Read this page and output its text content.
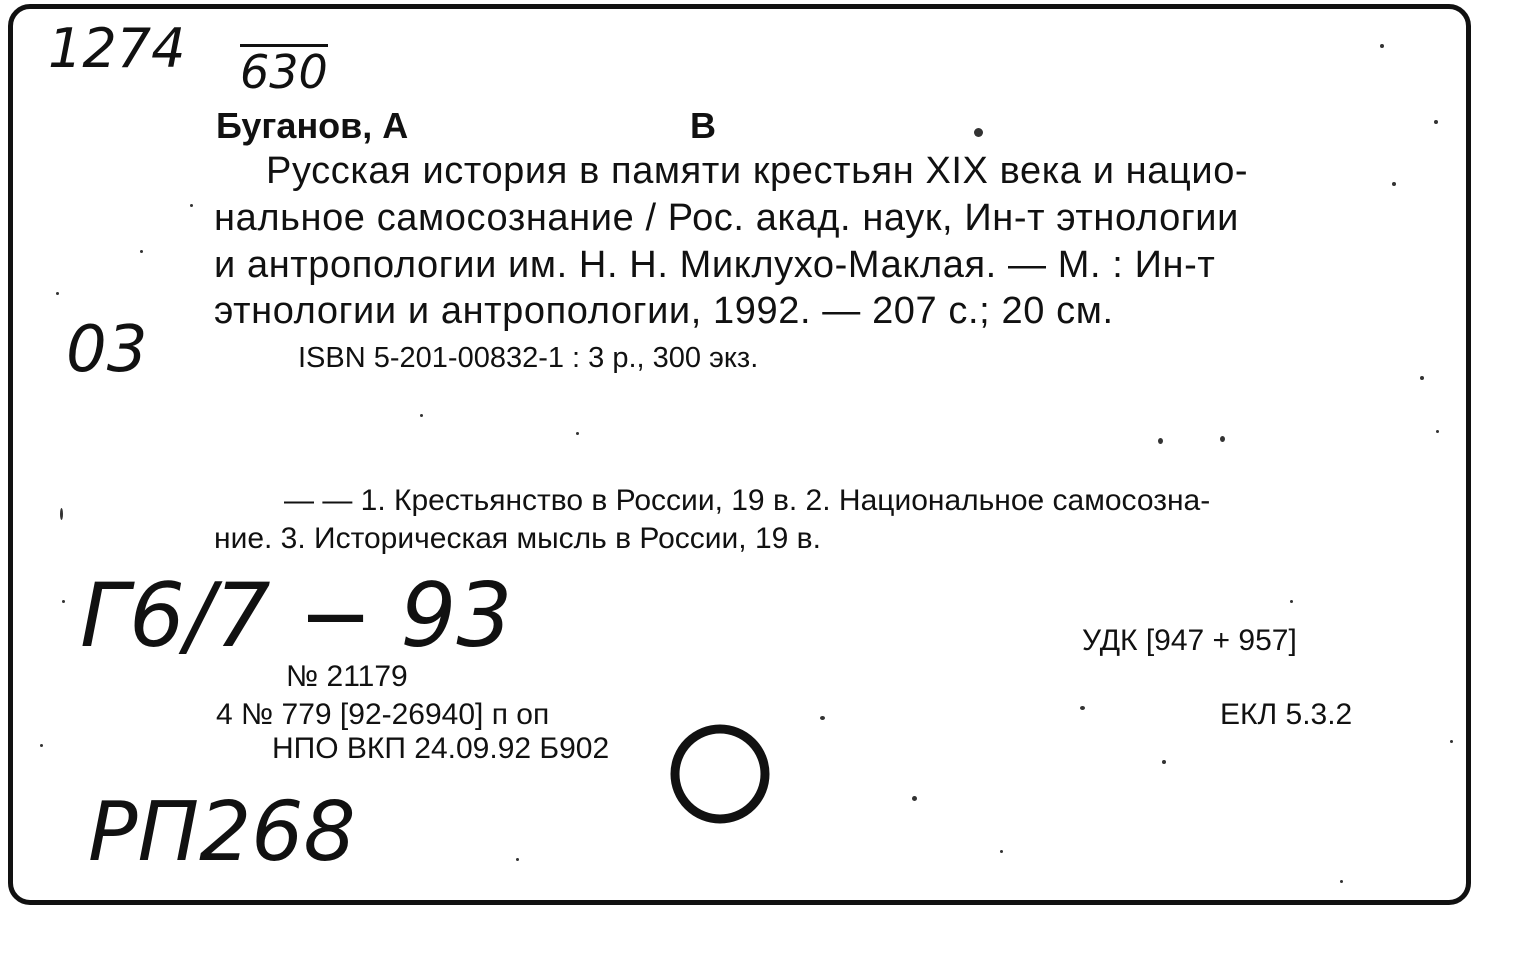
1274 630
Буганов, А	В
Русская история в памяти крестьян XIX века и нацио-
нальное самосознание / Рос. акад. наук, Ин-т этнологии
и антропологии им. Н. Н. Миклухо-Маклая. — М. : Ин-т
этнологии и антропологии, 1992. — 207 с.; 20 см.
ISBN 5-201-00832-1 : 3 р., 300 экз.
03
— — 1. Крестьянство в России, 19 в. 2. Национальное самосозна-
ние. 3. Историческая мысль в России, 19 в.
Г6/7 − 93	УДК [947 + 957]
ЕКЛ 5.3.2
№ 21179
4 № 779 [92-26940] п оп
НПО ВКП 24.09.92 Б902
РП268
